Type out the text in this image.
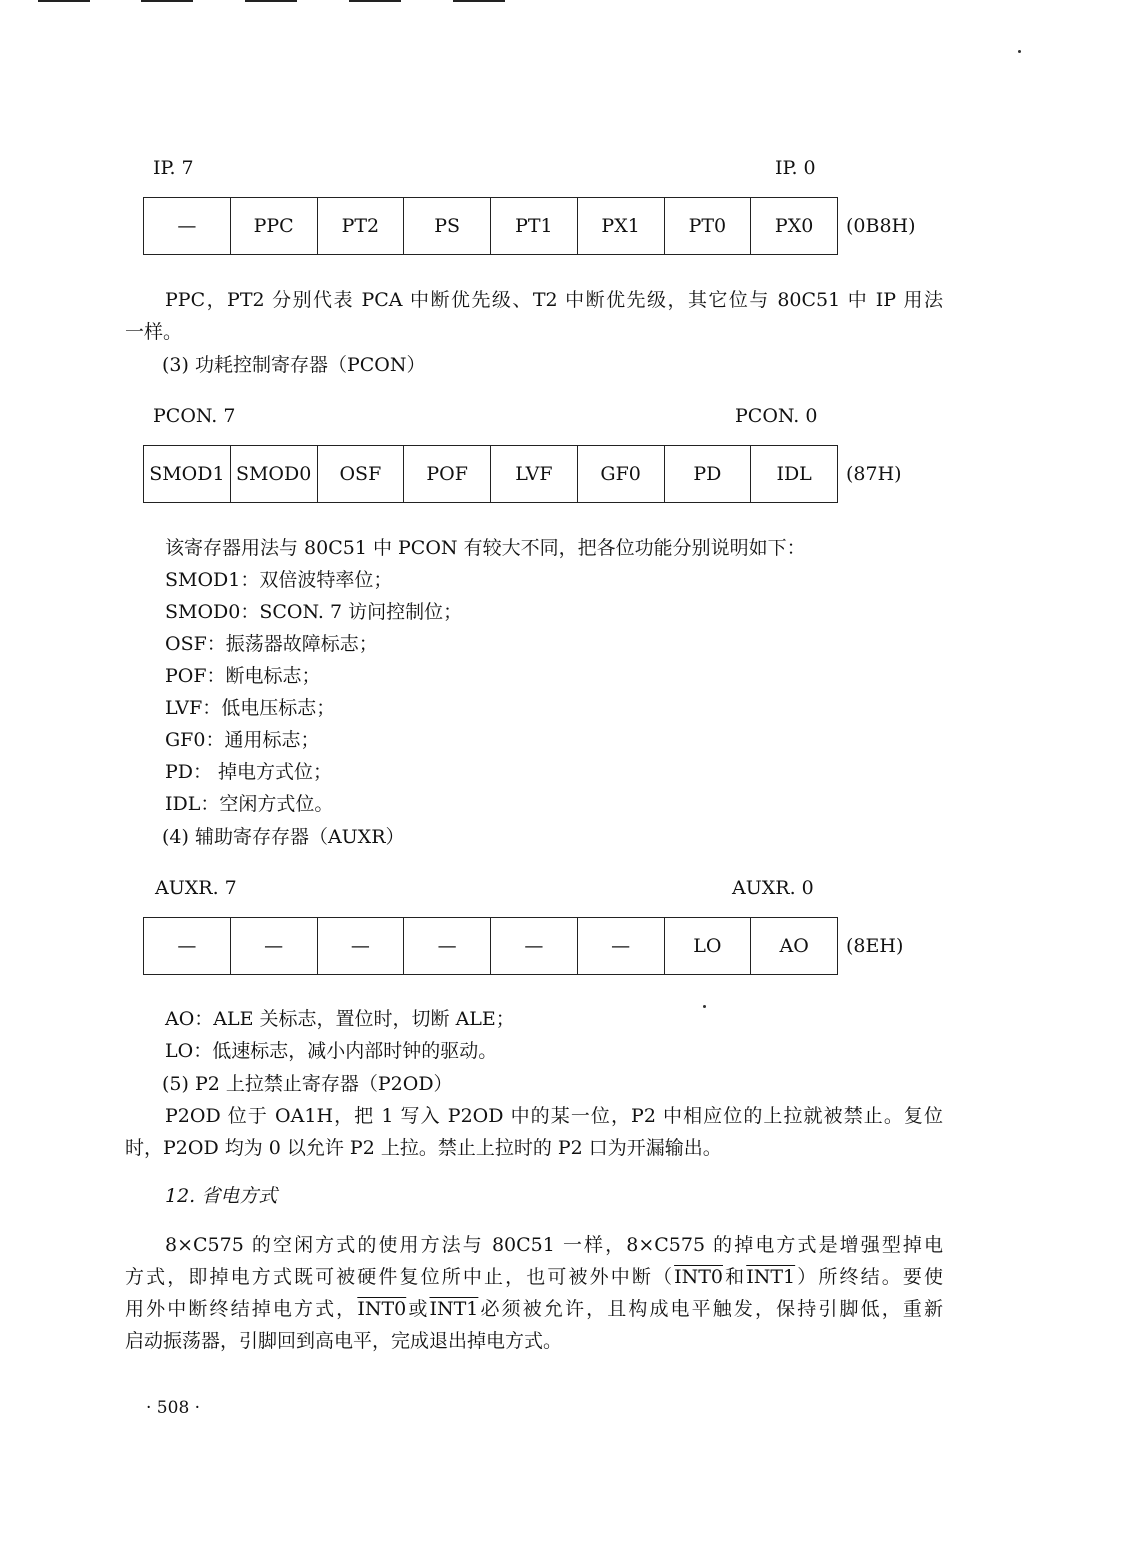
IP. 7	IP. 0
—	PPC	PT2	PS	PT1	PX1	PT0	PX0 (0B8H)

PPC，PT2 分别代表 PCA 中断优先级、T2 中断优先级，其它位与 80C51 中 IP 用法

一样。

(3) 功耗控制寄存器（PCON）

PCON. 7	PCON. 0
SMOD1	SMOD0	OSF	POF	LVF	GF0	PD	IDL (87H)

该寄存器用法与 80C51 中 PCON 有较大不同，把各位功能分别说明如下：

SMOD1：双倍波特率位；

SMOD0：SCON. 7 访问控制位；

OSF：振荡器故障标志；

POF：断电标志；

LVF：低电压标志；

GF0：通用标志；

PD： 掉电方式位；

IDL：空闲方式位。

(4) 辅助寄存存器（AUXR）

AUXR. 7	AUXR. 0
—	—	—	—	—	—	LO	AO (8EH)

AO：ALE 关标志，置位时，切断 ALE；

LO：低速标志，减小内部时钟的驱动。

(5) P2 上拉禁止寄存器（P2OD）

P2OD 位于 OA1H，把 1 写入 P2OD 中的某一位，P2 中相应位的上拉就被禁止。复位

时，P2OD 均为 0 以允许 P2 上拉。禁止上拉时的 P2 口为开漏输出。

12. 省电方式

8×C575 的空闲方式的使用方法与 80C51 一样，8×C575 的掉电方式是增强型掉电

方式，即掉电方式既可被硬件复位所中止，也可被外中断（INT0和INT1）所终结。要使

用外中断终结掉电方式，INT0或INT1必须被允许，且构成电平触发，保持引脚低，重新

启动振荡器，引脚回到高电平，完成退出掉电方式。

· 508 ·
